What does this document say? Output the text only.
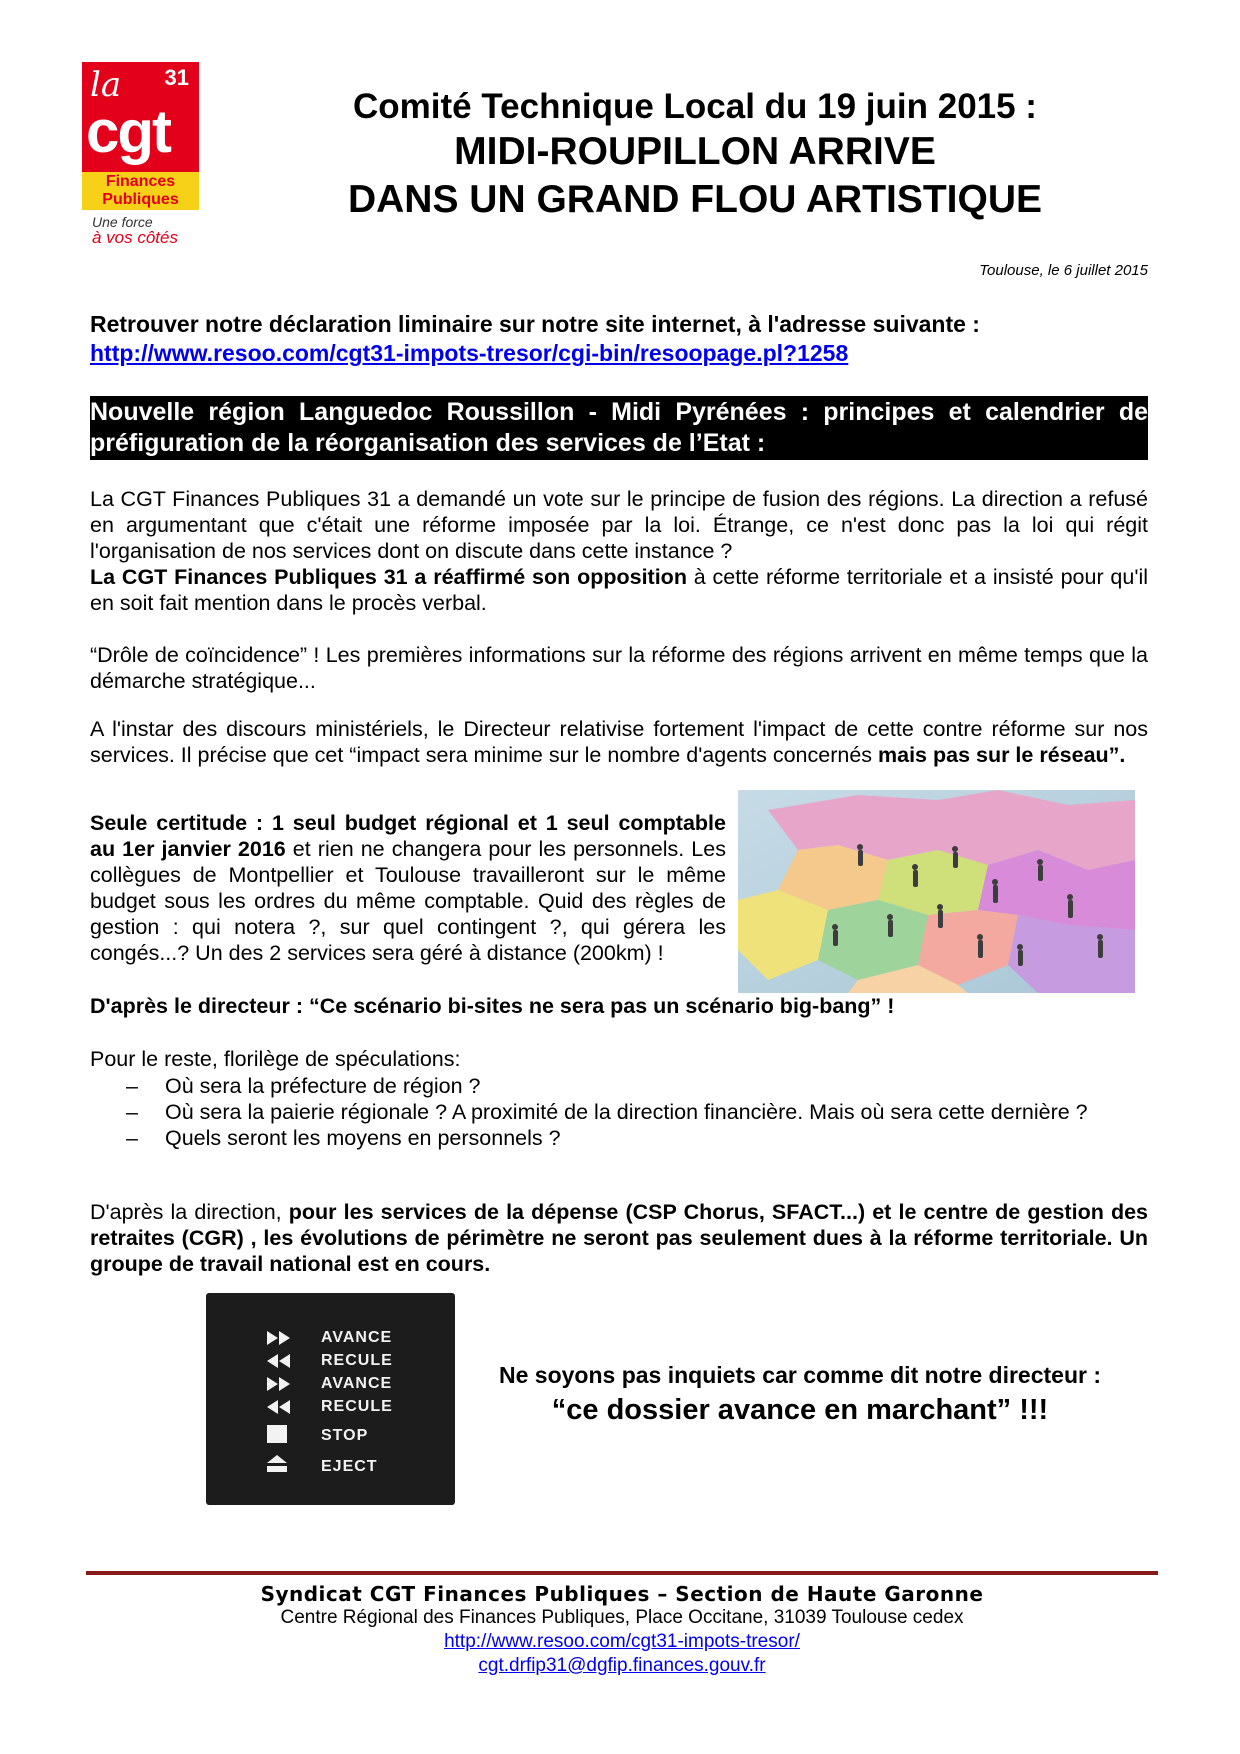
la 31
cgt
Finances
Publiques
Une force
à vos côtés
Comité Technique Local du 19 juin 2015 :
MIDI-ROUPILLON ARRIVE
DANS UN GRAND FLOU ARTISTIQUE
Toulouse, le 6 juillet 2015
Retrouver notre déclaration liminaire sur notre site internet, à l'adresse suivante :
http://www.resoo.com/cgt31-impots-tresor/cgi-bin/resoopage.pl?1258
Nouvelle région Languedoc Roussillon - Midi Pyrénées : principes et calendrier de préfiguration de la réorganisation des services de l’Etat :
La CGT Finances Publiques 31 a demandé un vote sur le principe de fusion des régions. La direction a refusé en argumentant que c'était une réforme imposée par la loi. Étrange, ce n'est donc pas la loi qui régit l'organisation de nos services dont on discute dans cette instance ?
La CGT Finances Publiques 31 a réaffirmé son opposition à cette réforme territoriale et a insisté pour qu'il en soit fait mention dans le procès verbal.
“Drôle de coïncidence” ! Les premières informations sur la réforme des régions arrivent en même temps que la démarche stratégique...
A l'instar des discours ministériels, le Directeur relativise fortement l'impact de cette contre réforme sur nos services. Il précise que cet “impact sera minime sur le nombre d'agents concernés mais pas sur le réseau”.
Seule certitude : 1 seul budget régional et 1 seul comptable au 1er janvier 2016 et rien ne changera pour les personnels. Les collègues de Montpellier et Toulouse travailleront sur le même budget sous les ordres du même comptable. Quid des règles de gestion : qui notera ?, sur quel contingent ?, qui gérera les congés...? Un des 2 services sera géré à distance (200km) !
D'après le directeur : “Ce scénario bi-sites ne sera pas un scénario big-bang” !
Pour le reste, florilège de spéculations:
– Où sera la préfecture de région ?
– Où sera la paierie régionale ? A proximité de la direction financière. Mais où sera cette dernière ?
– Quels seront les moyens en personnels ?
D'après la direction, pour les services de la dépense (CSP Chorus, SFACT...) et le centre de gestion des retraites (CGR) , les évolutions de périmètre ne seront pas seulement dues à la réforme territoriale. Un groupe de travail national est en cours.
AVANCE
RECULE
AVANCE
RECULE
STOP
EJECT
Ne soyons pas inquiets car comme dit notre directeur :
“ce dossier avance en marchant” !!!
Syndicat CGT Finances Publiques – Section de Haute Garonne
Centre Régional des Finances Publiques, Place Occitane, 31039 Toulouse cedex
http://www.resoo.com/cgt31-impots-tresor/
cgt.drfip31@dgfip.finances.gouv.fr
